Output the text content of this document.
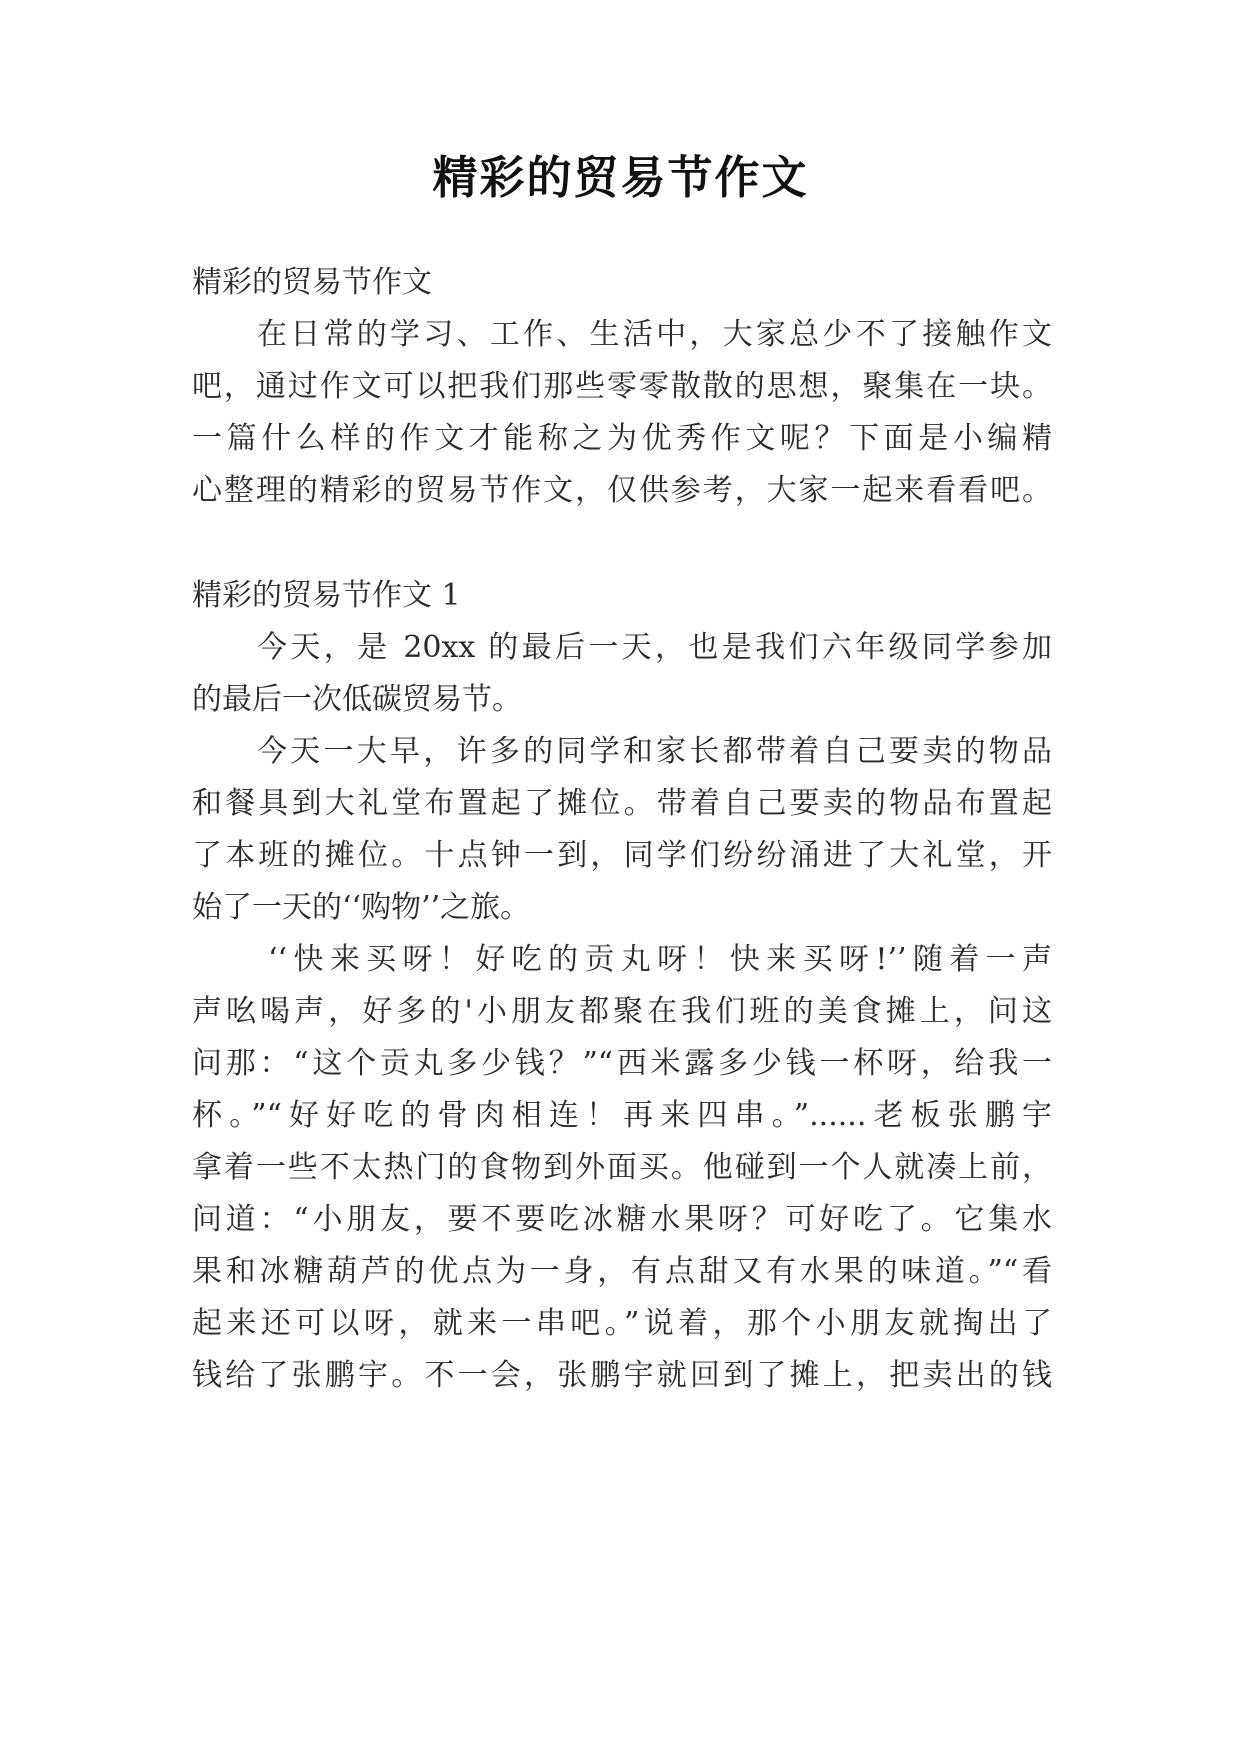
精彩的贸易节作文
精彩的贸易节作文
在日常的学习、工作、生活中，大家总少不了接触作文
吧，通过作文可以把我们那些零零散散的思想，聚集在一块。
一篇什么样的作文才能称之为优秀作文呢？下面是小编精
心整理的精彩的贸易节作文，仅供参考，大家一起来看看吧。
精彩的贸易节作文 1
今天，是 20xx 的最后一天，也是我们六年级同学参加
的最后一次低碳贸易节。
今天一大早，许多的同学和家长都带着自己要卖的物品
和餐具到大礼堂布置起了摊位。带着自己要卖的物品布置起
了本班的摊位。十点钟一到，同学们纷纷涌进了大礼堂，开
始了一天的‘‘购物’’之旅。
‘‘快来买呀！好吃的贡丸呀！快来买呀!’’随着一声
声吆喝声，好多的'小朋友都聚在我们班的美食摊上，问这
问那：“这个贡丸多少钱？”“西米露多少钱一杯呀，给我一
杯。”“好好吃的骨肉相连！再来四串。”......老板张鹏宇
拿着一些不太热门的食物到外面买。他碰到一个人就凑上前，
问道：“小朋友，要不要吃冰糖水果呀？可好吃了。它集水
果和冰糖葫芦的优点为一身，有点甜又有水果的味道。”“看
起来还可以呀，就来一串吧。”说着，那个小朋友就掏出了
钱给了张鹏宇。不一会，张鹏宇就回到了摊上，把卖出的钱
